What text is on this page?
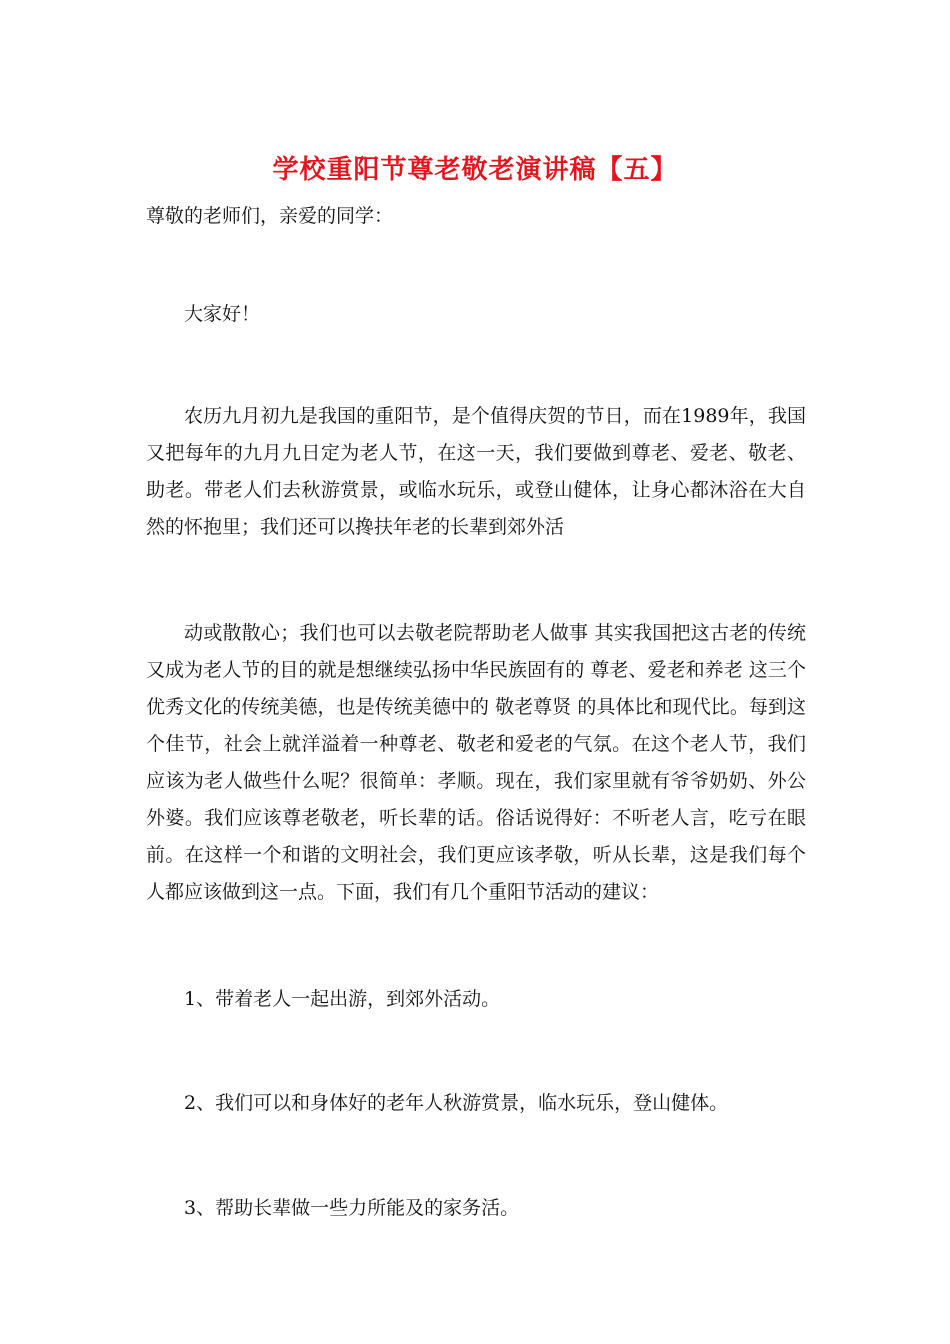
学校重阳节尊老敬老演讲稿【五】

尊敬的老师们，亲爱的同学：

大家好！

农历九月初九是我国的重阳节，是个值得庆贺的节日，而在1989年，我国又把每年的九月九日定为老人节，在这一天，我们要做到尊老、爱老、敬老、助老。带老人们去秋游赏景，或临水玩乐，或登山健体，让身心都沐浴在大自然的怀抱里；我们还可以搀扶年老的长辈到郊外活

动或散散心；我们也可以去敬老院帮助老人做事 其实我国把这古老的传统又成为老人节的目的就是想继续弘扬中华民族固有的 尊老、爱老和养老 这三个优秀文化的传统美德，也是传统美德中的 敬老尊贤 的具体比和现代比。每到这个佳节，社会上就洋溢着一种尊老、敬老和爱老的气氛。在这个老人节，我们应该为老人做些什么呢？很简单：孝顺。现在，我们家里就有爷爷奶奶、外公外婆。我们应该尊老敬老，听长辈的话。俗话说得好：不听老人言，吃亏在眼前。在这样一个和谐的文明社会，我们更应该孝敬，听从长辈，这是我们每个人都应该做到这一点。下面，我们有几个重阳节活动的建议：

1、带着老人一起出游，到郊外活动。

2、我们可以和身体好的老年人秋游赏景，临水玩乐，登山健体。

3、帮助长辈做一些力所能及的家务活。
